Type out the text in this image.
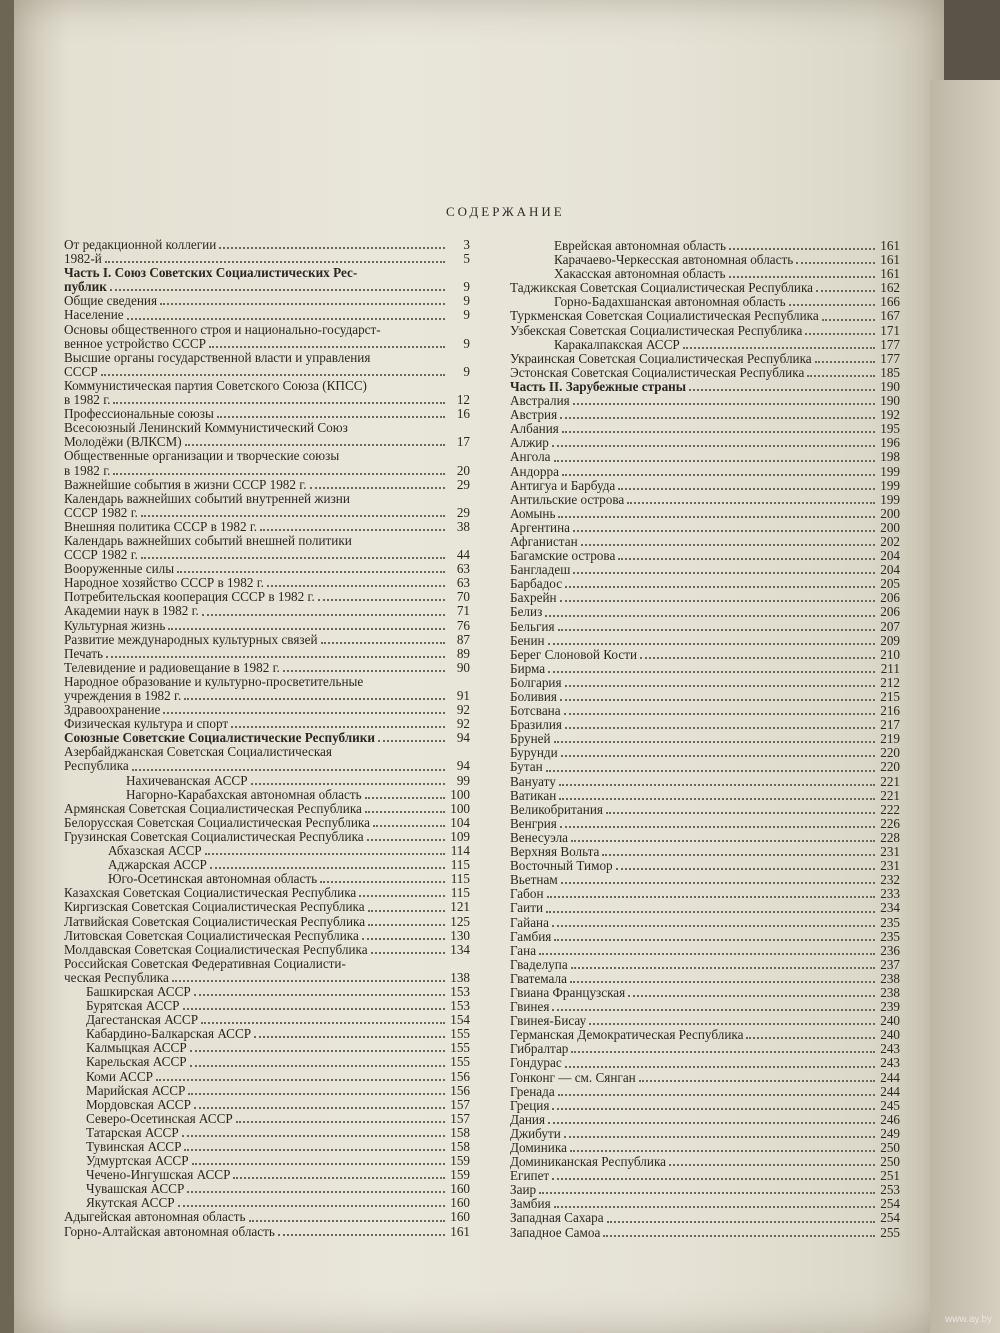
СОДЕРЖАНИЕ
От редакционной коллегии	3
1982-й	5
Часть I. Союз Советских Социалистических Рес-
публик	9
Общие сведения	9
Население	9
Основы общественного строя и национально-государст-
венное устройство СССР	9
Высшие органы государственной власти и управления
СССР	9
Коммунистическая партия Советского Союза (КПСС)
в 1982 г.	12
Профессиональные союзы	16
Всесоюзный Ленинский Коммунистический Союз
Молодёжи (ВЛКСМ)	17
Общественные организации и творческие союзы
в 1982 г.	20
Важнейшие события в жизни СССР 1982 г.	29
Календарь важнейших событий внутренней жизни
СССР 1982 г.	29
Внешняя политика СССР в 1982 г.	38
Календарь важнейших событий внешней политики
СССР 1982 г.	44
Вооруженные силы	63
Народное хозяйство СССР в 1982 г.	63
Потребительская кооперация СССР в 1982 г.	70
Академии наук в 1982 г.	71
Культурная жизнь	76
Развитие международных культурных связей	87
Печать	89
Телевидение и радиовещание в 1982 г.	90
Народное образование и культурно-просветительные
учреждения в 1982 г.	91
Здравоохранение	92
Физическая культура и спорт	92
Союзные Советские Социалистические Республики	94
Азербайджанская Советская Социалистическая
Республика	94
Нахичеванская АССР	99
Нагорно-Карабахская автономная область	100
Армянская Советская Социалистическая Республика	100
Белорусская Советская Социалистическая Республика	104
Грузинская Советская Социалистическая Республика	109
Абхазская АССР	114
Аджарская АССР	115
Юго-Осетинская автономная область	115
Казахская Советская Социалистическая Республика	115
Киргизская Советская Социалистическая Республика	121
Латвийская Советская Социалистическая Республика	125
Литовская Советская Социалистическая Республика	130
Молдавская Советская Социалистическая Республика	134
Российская Советская Федеративная Социалисти-
ческая Республика	138
Башкирская АССР	153
Бурятская АССР	153
Дагестанская АССР	154
Кабардино-Балкарская АССР	155
Калмыцкая АССР	155
Карельская АССР	155
Коми АССР	156
Марийская АССР	156
Мордовская АССР	157
Северо-Осетинская АССР	157
Татарская АССР	158
Тувинская АССР	158
Удмуртская АССР	159
Чечено-Ингушская АССР	159
Чувашская АССР	160
Якутская АССР	160
Адыгейская автономная область	160
Горно-Алтайская автономная область	161
Еврейская автономная область	161
Карачаево-Черкесская автономная область	161
Хакасская автономная область	161
Таджикская Советская Социалистическая Республика	162
Горно-Бадахшанская автономная область	166
Туркменская Советская Социалистическая Республика	167
Узбекская Советская Социалистическая Республика	171
Каракалпакская АССР	177
Украинская Советская Социалистическая Республика	177
Эстонская Советская Социалистическая Республика	185
Часть II. Зарубежные страны	190
Австралия	190
Австрия	192
Албания	195
Алжир	196
Ангола	198
Андорра	199
Антигуа и Барбуда	199
Антильские острова	199
Аомынь	200
Аргентина	200
Афганистан	202
Багамские острова	204
Бангладеш	204
Барбадос	205
Бахрейн	206
Белиз	206
Бельгия	207
Бенин	209
Берег Слоновой Кости	210
Бирма	211
Болгария	212
Боливия	215
Ботсвана	216
Бразилия	217
Бруней	219
Бурунди	220
Бутан	220
Вануату	221
Ватикан	221
Великобритания	222
Венгрия	226
Венесуэла	228
Верхняя Вольта	231
Восточный Тимор	231
Вьетнам	232
Габон	233
Гаити	234
Гайана	235
Гамбия	235
Гана	236
Гваделупа	237
Гватемала	238
Гвиана Французская	238
Гвинея	239
Гвинея-Бисау	240
Германская Демократическая Республика	240
Гибралтар	243
Гондурас	243
Гонконг — см. Сянган	244
Гренада	244
Греция	245
Дания	246
Джибути	249
Доминика	250
Доминиканская Республика	250
Египет	251
Заир	253
Замбия	254
Западная Сахара	254
Западное Самоа	255
www.ay.by
